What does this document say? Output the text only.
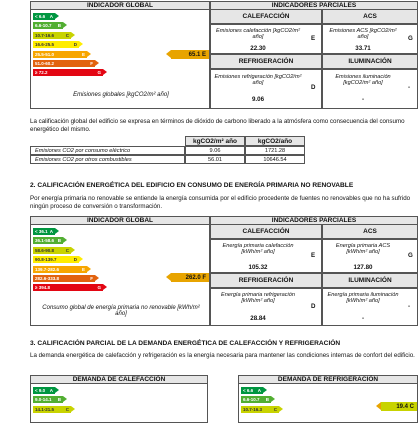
INDICADOR GLOBAL
< 6.6 A
6.6-10.7 B
10.7-16.6	C
16.6-25.5	D
25.5-51.0	E
51.0-60.2	F
≥ 72.2	G
65.1 E
Emisiones globales [kgCO2/m² año]
INDICADORES PARCIALES
CALEFACCIÓN	ACS
Emisiones calefacción [kgCO2/m² año]	E
22.30
Emisiones ACS [kgCO2/m² año]	G
33.71
REFRIGERACIÓN	ILUMINACIÓN
Emisiones refrigeración [kgCO2/m² año]
D
9.06
Emisiones iluminación [kgCO2/m² año]
-
-
La calificación global del edificio se expresa en términos de dióxido de carbono liberado a la atmósfera como consecuencia del consumo energético del mismo.
kgCO2/m² año	kgCO2/año
Emisiones CO2 por consumo eléctrico	9.06	1721.28
Emisiones CO2 por otros combustibles	56.01	10646.54
2. CALIFICACIÓN ENERGÉTICA DEL EDIFICIO EN CONSUMO DE ENERGÍA PRIMARIA NO RENOVABLE
Por energía primaria no renovable se entiende la energía consumida por el edificio procedente de fuentes no renovables que no ha sufrido ningún proceso de conversión o transformación.
INDICADOR GLOBAL
< 36.1 A
36.1-58.6 B
58.6-90.8	C
90.8-139.7	D
139.7-282.6	E
282.6-333.8	F
≥ 394.8	G
262.0 F
Consumo global de energía primaria no renovable [kWh/m² año]
INDICADORES PARCIALES
CALEFACCIÓN	ACS
Energía primaria calefacción [kWh/m² año]	E
105.32
Energía primaria ACS [kWh/m² año]	G
127.80
REFRIGERACIÓN	ILUMINACIÓN
Energía primaria refrigeración [kWh/m² año]
D
28.84
Energía primaria iluminación [kWh/m² año]
-
-
3. CALIFICACIÓN PARCIAL DE LA DEMANDA ENERGÉTICA DE CALEFACCIÓN Y REFRIGERACIÓN
La demanda energética de calefacción y refrigeración es la energía necesaria para mantener las condiciones internas de confort del edificio.
DEMANDA DE CALEFACCIÓN
< 9.0 A
9.0-14.1 B
14.1-21.5	C
DEMANDA DE REFRIGERACIÓN
< 6.6 A
6.6-10.7 B
10.7-16.3	C	19.4 C
